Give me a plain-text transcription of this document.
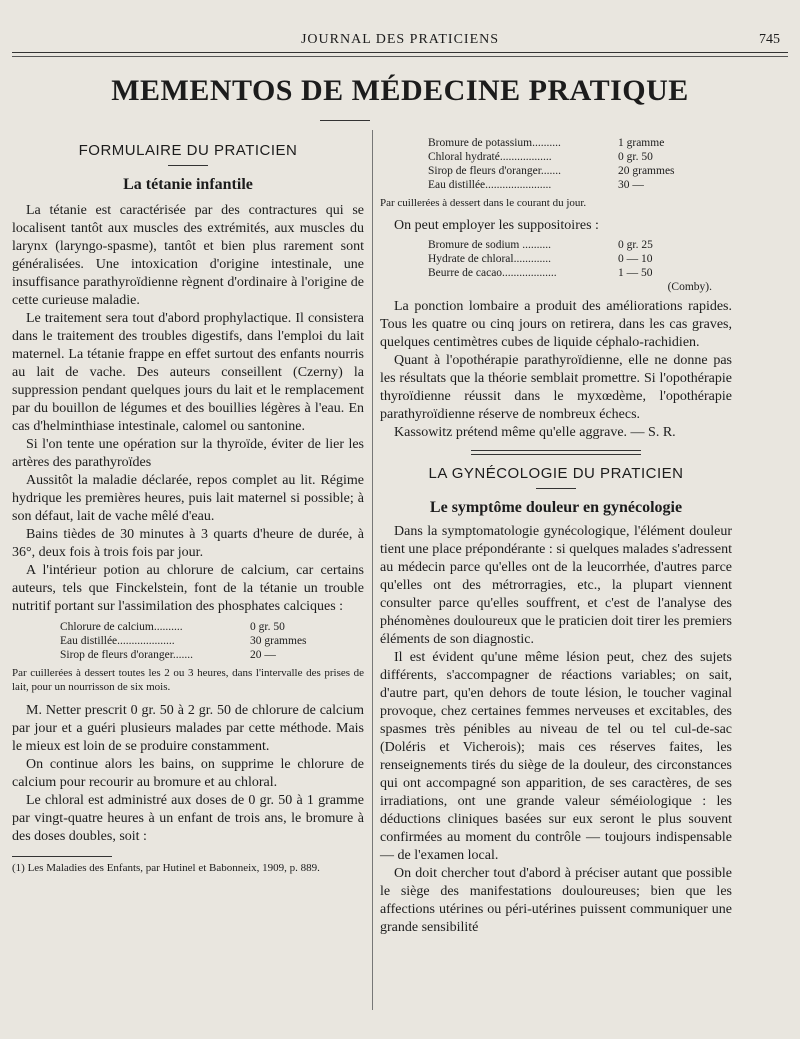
JOURNAL DES PRATICIENS	745
MEMENTOS DE MÉDECINE PRATIQUE
FORMULAIRE DU PRATICIEN
La tétanie infantile

La tétanie est caractérisée par des contractures qui se localisent tantôt aux muscles des extrémités, aux muscles du larynx (laryngo-spasme), tantôt et bien plus rarement sont généralisées. Une intoxication d'origine intestinale, une insuffisance parathyroïdienne règnent d'ordinaire à l'origine de cette curieuse maladie.

Le traitement sera tout d'abord prophylactique. Il consistera dans le traitement des troubles digestifs, dans l'emploi du lait maternel. La tétanie frappe en effet surtout des enfants nourris au lait de vache. Des auteurs conseillent (Czerny) la suppression pendant quelques jours du lait et le remplacement par du bouillon de légumes et des bouillies légères à l'eau. En cas d'helminthiase intestinale, calomel ou santonine.

Si l'on tente une opération sur la thyroïde, éviter de lier les artères des parathyroïdes

Aussitôt la maladie déclarée, repos complet au lit. Régime hydrique les premières heures, puis lait maternel si possible; à son défaut, lait de vache mêlé d'eau.

Bains tièdes de 30 minutes à 3 quarts d'heure de durée, à 36°, deux fois à trois fois par jour.

A l'intérieur potion au chlorure de calcium, car certains auteurs, tels que Finckelstein, font de la tétanie un trouble nutritif portant sur l'assimilation des phosphates calciques :

Chlorure de calcium..........	0 gr. 50
Eau distillée....................	30 grammes
Sirop de fleurs d'oranger.......	20 —

Par cuillerées à dessert toutes les 2 ou 3 heures, dans l'intervalle des prises de lait, pour un nourrisson de six mois.

M. Netter prescrit 0 gr. 50 à 2 gr. 50 de chlorure de calcium par jour et a guéri plusieurs malades par cette méthode. Mais le mieux est loin de se produire constamment.

On continue alors les bains, on supprime le chlorure de calcium pour recourir au bromure et au chloral.

Le chloral est administré aux doses de 0 gr. 50 à 1 gramme par vingt-quatre heures à un enfant de trois ans, le bromure à des doses doubles, soit :

(1) Les Maladies des Enfants, par Hutinel et Babonneix, 1909, p. 889.

Bromure de potassium..........	1 gramme
Chloral hydraté..................	0 gr. 50
Sirop de fleurs d'oranger.......	20 grammes
Eau distillée.......................	30 —

Par cuillerées à dessert dans le courant du jour.

On peut employer les suppositoires :

Bromure de sodium ..........	0 gr. 25
Hydrate de chloral.............	0 — 10
Beurre de cacao...................	1 — 50
(Comby).

La ponction lombaire a produit des améliorations rapides. Tous les quatre ou cinq jours on retirera, dans les cas graves, quelques centimètres cubes de liquide céphalo-rachidien.

Quant à l'opothérapie parathyroïdienne, elle ne donne pas les résultats que la théorie semblait promettre. Si l'opothérapie thyroïdienne réussit dans le myxœdème, l'opothérapie parathyroïdienne réserve de nombreux échecs.

Kassowitz prétend même qu'elle aggrave. — S. R.

LA GYNÉCOLOGIE DU PRATICIEN
Le symptôme douleur en gynécologie

Dans la symptomatologie gynécologique, l'élément douleur tient une place prépondérante : si quelques malades s'adressent au médecin parce qu'elles ont de la leucorrhée, d'autres parce qu'elles ont des métrorragies, etc., la plupart viennent consulter parce qu'elles souffrent, et c'est de l'analyse des phénomènes douloureux que le praticien doit tirer les premiers éléments de son diagnostic.

Il est évident qu'une même lésion peut, chez des sujets différents, s'accompagner de réactions variables; on sait, d'autre part, qu'en dehors de toute lésion, le toucher vaginal provoque, chez certaines femmes nerveuses et excitables, des spasmes très pénibles au niveau de tel ou tel cul-de-sac (Doléris et Vicherois); mais ces réserves faites, les renseignements tirés du siège de la douleur, des circonstances qui ont accompagné son apparition, de ses caractères, de ses irradiations, ont une grande valeur séméiologique : les déductions cliniques basées sur eux seront le plus souvent confirmées au moment du contrôle — toujours indispensable — de l'examen local.

On doit chercher tout d'abord à préciser autant que possible le siège des manifestations douloureuses; bien que les affections utérines ou péri-utérines puissent communiquer une grande sensibilité
